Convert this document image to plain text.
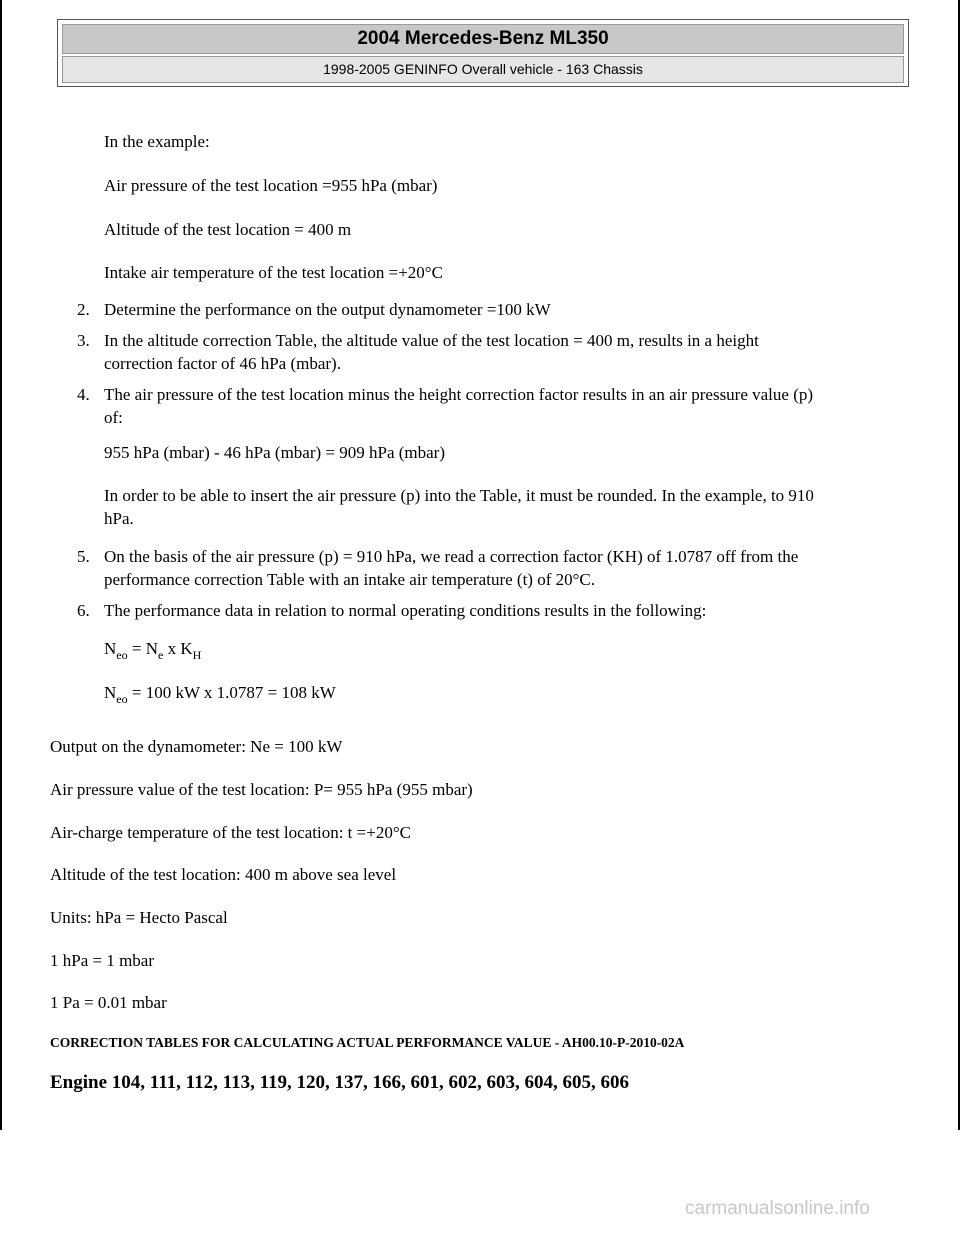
2004 Mercedes-Benz ML350
1998-2005 GENINFO Overall vehicle - 163 Chassis
In the example:
Air pressure of the test location =955 hPa (mbar)
Altitude of the test location = 400 m
Intake air temperature of the test location =+20°C
2. Determine the performance on the output dynamometer =100 kW
3. In the altitude correction Table, the altitude value of the test location = 400 m, results in a height
correction factor of 46 hPa (mbar).
4. The air pressure of the test location minus the height correction factor results in an air pressure value (p)
of:
955 hPa (mbar) - 46 hPa (mbar) = 909 hPa (mbar)
In order to be able to insert the air pressure (p) into the Table, it must be rounded. In the example, to 910
hPa.
5. On the basis of the air pressure (p) = 910 hPa, we read a correction factor (KH) of 1.0787 off from the
performance correction Table with an intake air temperature (t) of 20°C.
6. The performance data in relation to normal operating conditions results in the following:
$N_{eo} = N_e$ x $K_H$
$N_{eo} = 100$ kW x 1.0787 = 108 kW
Output on the dynamometer: Ne = 100 kW
Air pressure value of the test location: P= 955 hPa (955 mbar)
Air-charge temperature of the test location: t =+20°C
Altitude of the test location: 400 m above sea level
Units: hPa = Hecto Pascal
1 hPa = 1 mbar
1 Pa = 0.01 mbar
CORRECTION TABLES FOR CALCULATING ACTUAL PERFORMANCE VALUE - AH00.10-P-2010-02A
Engine 104, 111, 112, 113, 119, 120, 137, 166, 601, 602, 603, 604, 605, 606
carmanualsonline.info
